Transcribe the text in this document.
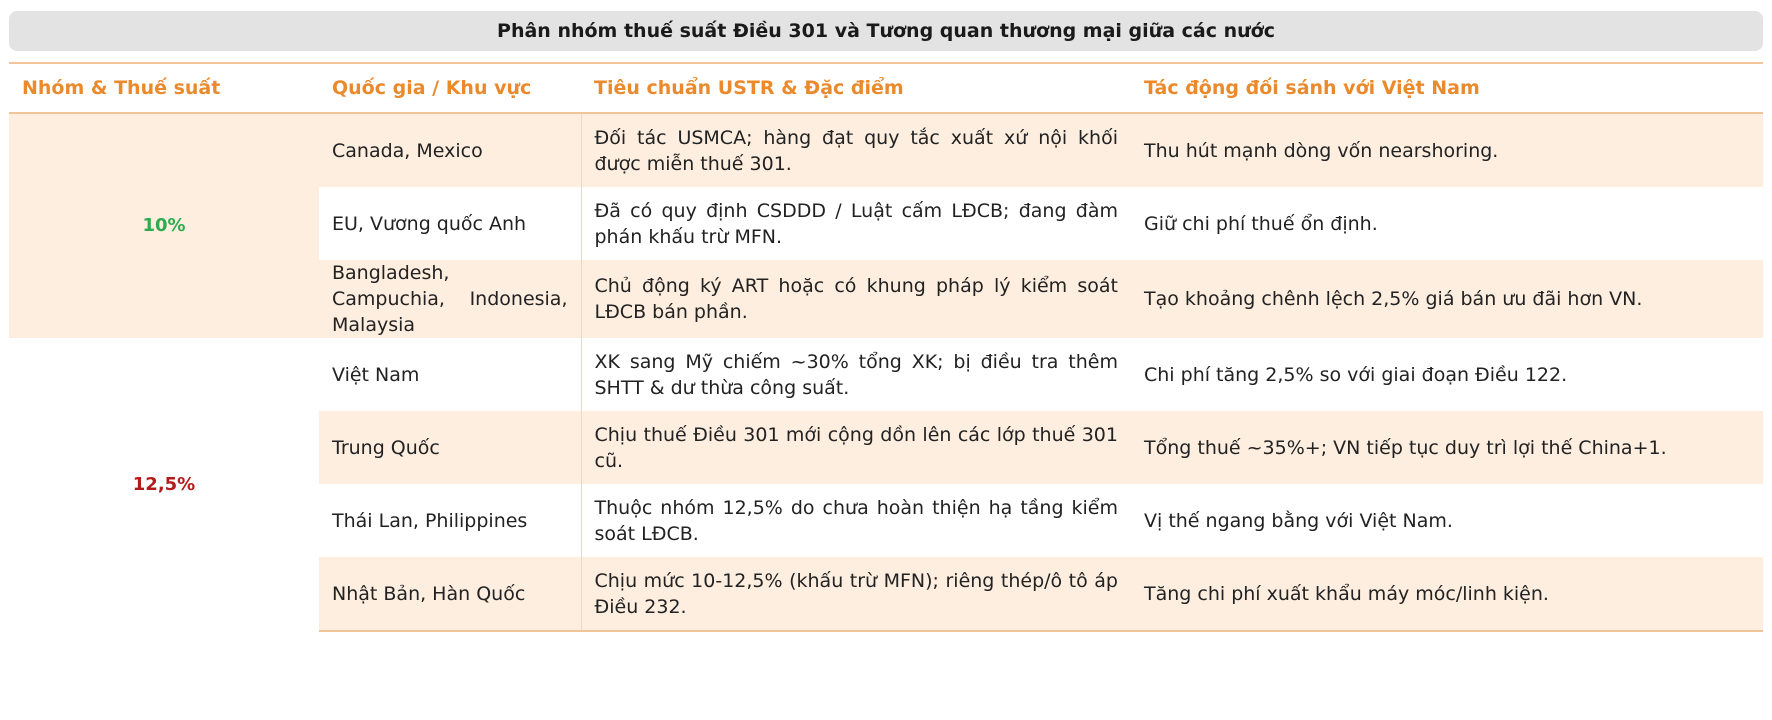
Phân nhóm thuế suất Điều 301 và Tương quan thương mại giữa các nước
Nhóm & Thuế suất	Quốc gia / Khu vực	Tiêu chuẩn USTR & Đặc điểm	Tác động đối sánh với Việt Nam
10%	Canada, Mexico	Đối tác USMCA; hàng đạt quy tắc xuất xứ nội khối được miễn thuế 301.	Thu hút mạnh dòng vốn nearshoring.
	EU, Vương quốc Anh	Đã có quy định CSDDD / Luật cấm LĐCB; đang đàm phán khấu trừ MFN.	Giữ chi phí thuế ổn định.
	Bangladesh, Campuchia, Indonesia, Malaysia	Chủ động ký ART hoặc có khung pháp lý kiểm soát LĐCB bán phần.	Tạo khoảng chênh lệch 2,5% giá bán ưu đãi hơn VN.
12,5%	Việt Nam	XK sang Mỹ chiếm ~30% tổng XK; bị điều tra thêm SHTT & dư thừa công suất.	Chi phí tăng 2,5% so với giai đoạn Điều 122.
	Trung Quốc	Chịu thuế Điều 301 mới cộng dồn lên các lớp thuế 301 cũ.	Tổng thuế ~35%+; VN tiếp tục duy trì lợi thế China+1.
	Thái Lan, Philippines	Thuộc nhóm 12,5% do chưa hoàn thiện hạ tầng kiểm soát LĐCB.	Vị thế ngang bằng với Việt Nam.
	Nhật Bản, Hàn Quốc	Chịu mức 10-12,5% (khấu trừ MFN); riêng thép/ô tô áp Điều 232.	Tăng chi phí xuất khẩu máy móc/linh kiện.
